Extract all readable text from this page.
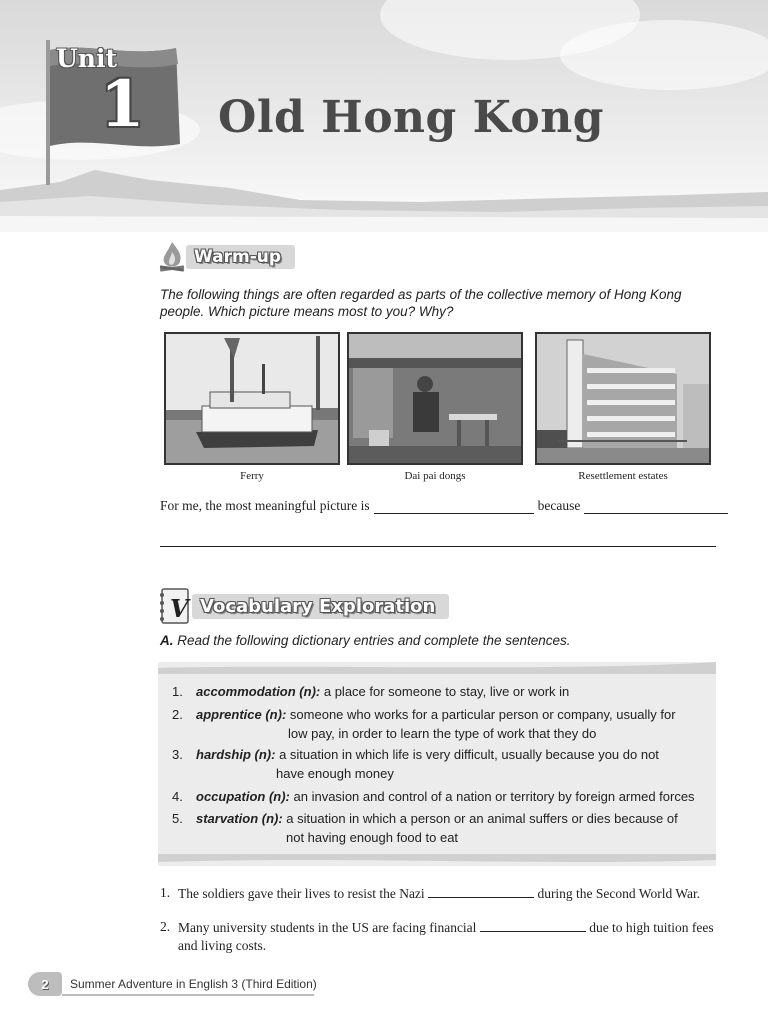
Unit
1 Old Hong Kong
Warm-up

The following things are often regarded as parts of the collective memory of Hong Kong people. Which picture means most to you? Why?

Ferry	Dai pai dongs	Resettlement estates
For me, the most meaningful picture is	because
V Vocabulary Exploration

A. Read the following dictionary entries and complete the sentences.

1.	accommodation (n): a place for someone to stay, live or work in
2.	apprentice (n): someone who works for a particular person or company, usually for
low pay, in order to learn the type of work that they do
3.	hardship (n): a situation in which life is very difficult, usually because you do not
have enough money
4.	occupation (n): an invasion and control of a nation or territory by foreign armed forces
5.	starvation (n): a situation in which a person or an animal suffers or dies because of
not having enough food to eat
1. The soldiers gave their lives to resist the Nazi	during the Second World War.
2. Many university students in the US are facing financial	due to high tuition fees
and living costs.
2	Summer Adventure in English 3 (Third Edition)
